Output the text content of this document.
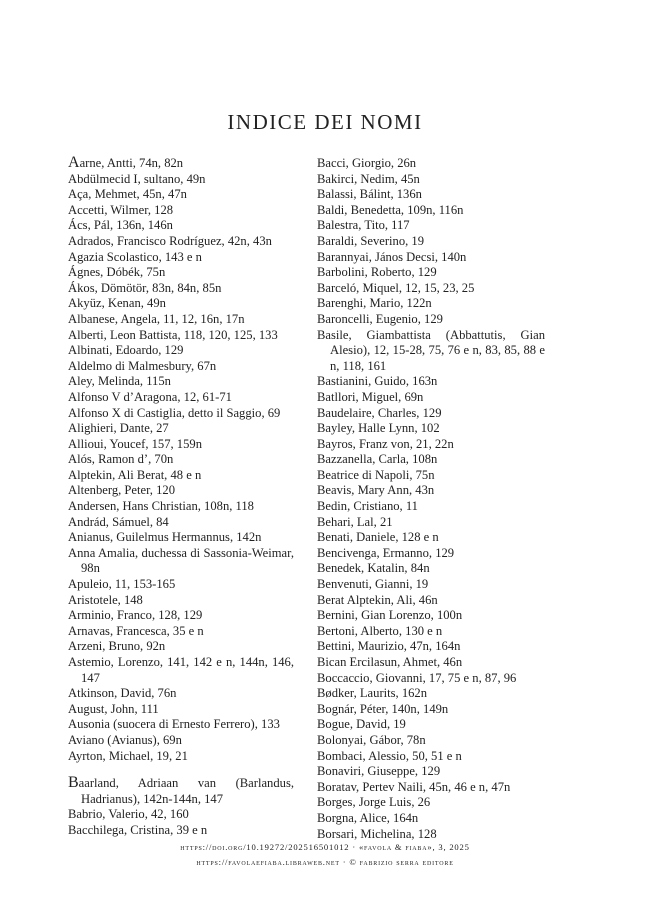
INDICE DEI NOMI
Aarne, Antti, 74n, 82n
Abdülmecid I, sultano, 49n
Aça, Mehmet, 45n, 47n
Accetti, Wilmer, 128
Ács, Pál, 136n, 146n
Adrados, Francisco Rodríguez, 42n, 43n
Agazia Scolastico, 143 e n
Ágnes, Dóbék, 75n
Ákos, Dömötör, 83n, 84n, 85n
Akyüz, Kenan, 49n
Albanese, Angela, 11, 12, 16n, 17n
Alberti, Leon Battista, 118, 120, 125, 133
Albinati, Edoardo, 129
Aldelmo di Malmesbury, 67n
Aley, Melinda, 115n
Alfonso V d’Aragona, 12, 61-71
Alfonso X di Castiglia, detto il Saggio, 69
Alighieri, Dante, 27
Allioui, Youcef, 157, 159n
Alós, Ramon d’, 70n
Alptekin, Ali Berat, 48 e n
Altenberg, Peter, 120
Andersen, Hans Christian, 108n, 118
Andrád, Sámuel, 84
Anianus, Guilelmus Hermannus, 142n
Anna Amalia, duchessa di Sassonia-Weimar, 98n
Apuleio, 11, 153-165
Aristotele, 148
Arminio, Franco, 128, 129
Arnavas, Francesca, 35 e n
Arzeni, Bruno, 92n
Astemio, Lorenzo, 141, 142 e n, 144n, 146, 147
Atkinson, David, 76n
August, John, 111
Ausonia (suocera di Ernesto Ferrero), 133
Aviano (Avianus), 69n
Ayrton, Michael, 19, 21
Baarland, Adriaan van (Barlandus, Hadrianus), 142n-144n, 147
Babrio, Valerio, 42, 160
Bacchilega, Cristina, 39 e n
Bacci, Giorgio, 26n
Bakirci, Nedim, 45n
Balassi, Bálint, 136n
Baldi, Benedetta, 109n, 116n
Balestra, Tito, 117
Baraldi, Severino, 19
Barannyai, János Decsi, 140n
Barbolini, Roberto, 129
Barceló, Miquel, 12, 15, 23, 25
Barenghi, Mario, 122n
Baroncelli, Eugenio, 129
Basile, Giambattista (Abbattutis, Gian Alesio), 12, 15-28, 75, 76 e n, 83, 85, 88 e n, 118, 161
Bastianini, Guido, 163n
Batllori, Miguel, 69n
Baudelaire, Charles, 129
Bayley, Halle Lynn, 102
Bayros, Franz von, 21, 22n
Bazzanella, Carla, 108n
Beatrice di Napoli, 75n
Beavis, Mary Ann, 43n
Bedin, Cristiano, 11
Behari, Lal, 21
Benati, Daniele, 128 e n
Bencivenga, Ermanno, 129
Benedek, Katalin, 84n
Benvenuti, Gianni, 19
Berat Alptekin, Ali, 46n
Bernini, Gian Lorenzo, 100n
Bertoni, Alberto, 130 e n
Bettini, Maurizio, 47n, 164n
Bican Ercilasun, Ahmet, 46n
Boccaccio, Giovanni, 17, 75 e n, 87, 96
Bødker, Laurits, 162n
Bognár, Péter, 140n, 149n
Bogue, David, 19
Bolonyai, Gábor, 78n
Bombaci, Alessio, 50, 51 e n
Bonaviri, Giuseppe, 129
Boratav, Pertev Naili, 45n, 46 e n, 47n
Borges, Jorge Luis, 26
Borgna, Alice, 164n
Borsari, Michelina, 128
https://doi.org/10.19272/202516501012 · «favola & fiaba», 3, 2025
https://favolaefiaba.libraweb.net · © fabrizio serra editore
